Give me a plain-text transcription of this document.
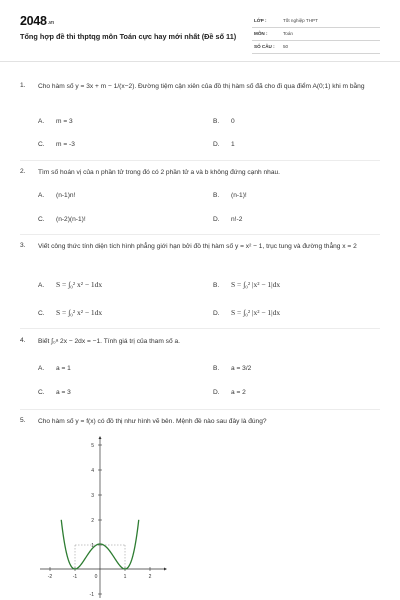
2048.vn
Tổng hợp đề thi thptqg môn Toán cực hay mới nhất (Đề số 11)
LỚP :	Tốt nghiệp THPT
MÔN :	Toán
SỐ CÂU : 50
1. Cho hàm số y = 3x + m − 1/(x−2). Đường tiệm cận xiên của đồ thị hàm số đã cho đi qua điểm A(0;1) khi m bằng
A. m = 3	B. 0
C. m = -3	D. 1
2. Tìm số hoán vị của n phần tử trong đó có 2 phần tử a và b không đứng cạnh nhau.
A. (n-1)n!	B. (n-1)!
C. (n-2)(n-1)!	D. n!-2
3. Viết công thức tính diện tích hình phẳng giới hạn bởi đồ thị hàm số y = x² − 1, trục tung và đường thẳng x = 2
A. S = ∫₀² x² − 1dx	B. S = ∫₀² |x² − 1|dx
C. S = ∫₀² x² − 1dx	D. S = ∫₀² |x² − 1|dx
4. Biết ∫₀ᵃ 2x − 2dx = −1. Tính giá trị của tham số a.
A. a = 1	B. a = 3/2
C. a = 3	D. a = 2
5. Cho hàm số y = f(x) có đồ thị như hình vẽ bên. Mệnh đề nào sau đây là đúng?
5
4
3
2
1
-1
-2	-1	0	1	2
